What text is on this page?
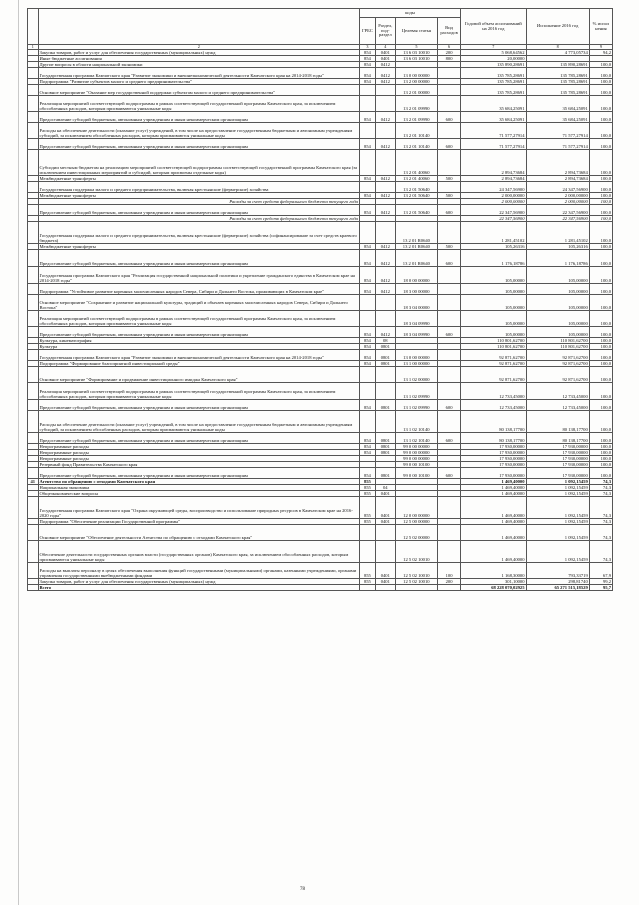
		коды				Годовой объем ассигнований на 2016 год	Исполнение 2016 год	% испол нения
		ГРБС	Раздел, под-раздел	Целевая статья	Вид расходов			
1	2	3	4	5	6	7	8	9
	Закупка товаров, работ и услуг для обеспечения государственных (муниципальных) нужд	854	0401	13 6 03 10010	200	5 068,64562	4 773,05734	94,2
	Иные бюджетные ассигнования	854	0401	13 6 03 10010	800	20,00000		
	Другие вопросы в области национальной экономики	854	0412			135 890,28691	135 890,28691	100,0
	Государственная программа Камчатского края "Развитие экономики и внешнеэкономической деятельности Камчатского края на 2014-2018 годы"	854	0412	13 0 00 00000		135 785,28691	135 785,28691	100,0
	Подпрограмма "Развитие субъектов малого и среднего предпринимательства"	854	0412	13 2 00 00000		135 785,28691	135 785,28691	100,0
	Основное мероприятие "Оказание мер государственной поддержки субъектам малого и среднего предпринимательства"			13 2 01 00000		135 785,28691	135 785,28691	100,0
	Реализация мероприятий соответствующей подпрограммы в рамках соответствующей государственной программы Камчатского края, за исключением обособленных расходов, которым присваиваются уникальные коды			13 2 01 09990		35 684,25091	35 684,25091	100,0
	Предоставление субсидий бюджетным, автономным учреждениям и иным некоммерческим организациям	854	0412	13 2 01 09990	600	35 684,25091	35 684,25091	100,0
	Расходы на обеспечение деятельности (оказание услуг) учреждений, в том числе на предоставление государственным бюджетным и автономным учреждениям субсидий, за исключением обособленных расходов, которым присваиваются уникальные коды			13 2 01 10140		71 577,27914	71 577,27914	100,0
	Предоставление субсидий бюджетным, автономным учреждениям и иным некоммерческим организациям	854	0412	13 2 01 10140	600	71 577,27914	71 577,27914	100,0
	Субсидии местным бюджетам на реализацию мероприятий соответствующей подпрограммы соответствующей государственной программы Камчатского края (за исключением инвестиционных мероприятий и субсидий, которым присвоены отдельные коды)			13 2 01 40060		2 894,73684	2 894,73684	100,0
	Межбюджетные трансферты	854	0412	13 2 01 40060	500	2 894,73684	2 894,73684	100,0
	Государственная поддержка малого и среднего предпринимательства, включая крестьянские (фермерские) хозяйства			13 2 01 50640		24 347,56900	24 347,56900	100,0
	Межбюджетные трансферты	854	0412	13 2 01 50640	500	2 000,00000	2 000,00000	100,0
	Расходы за счет средств федерального бюджета текущего года					2 000,00000	2 000,00000	100,0
	Предоставление субсидий бюджетным, автономным учреждениям и иным некоммерческим организациям	854	0412	13 2 01 50640	600	22 347,56900	22 347,56900	100,0
	Расходы за счет средств федерального бюджета текущего года					22 347,56900	22 347,56900	100,0
	Государственная поддержка малого и среднего предпринимательства, включая крестьянские (фермерские) хозяйства (софинансирование за счет средств краевого бюджета)			13 2 01 R0640		1 281,45102	1 281,45102	100,0
	Межбюджетные трансферты	854	0412	13 2 01 R0640	500	105,26316	105,26316	100,0
	Предоставление субсидий бюджетным, автономным учреждениям и иным некоммерческим организациям	854	0412	13 2 01 R0640	600	1 176,18786	1 176,18786	100,0
	Государственная программа Камчатского края "Реализация государственной национальной политики и укрепление гражданского единства в Камчатском крае на 2014-2018 годы"	854	0412	18 0 00 00000		105,00000	105,00000	100,0
	Подпрограмма "Устойчивое развитие коренных малочисленных народов Севера, Сибири и Дальнего Востока, проживающих в Камчатском крае"	854	0412	18 3 00 00000		105,00000	105,00000	100,0
	Основное мероприятие "Сохранение и развитие национальной культуры, традиций и обычаев коренных малочисленных народов Севера, Сибири и Дальнего Востока"			18 3 04 00000		105,00000	105,00000	100,0
	Реализация мероприятий соответствующей подпрограммы в рамках соответствующей государственной программы Камчатского края, за исключением обособленных расходов, которым присваиваются уникальные коды			18 3 04 09990		105,00000	105,00000	100,0
	Предоставление субсидий бюджетным, автономным учреждениям и иным некоммерческим организациям	854	0412	18 3 04 09990	600	105,00000	105,00000	100,0
	Культура, кинематография	854	08			110 801,62700	110 801,62700	100,0
	Культура	854	0801			110 801,62700	110 801,62700	100,0
	Государственная программа Камчатского края "Развитие экономики и внешнеэкономической деятельности Камчатского края на 2014-2018 годы"	854	0801	13 0 00 00000		92 871,62700	92 871,62700	100,0
	Подпрограмма "Формирование благоприятной инвестиционной среды"	854	0801	13 1 00 00000		92 871,62700	92 871,62700	100,0
	Основное мероприятие "Формирование и продвижение инвестиционного имиджа Камчатского края"			13 1 02 00000		92 871,62700	92 871,62700	100,0
	Реализация мероприятий соответствующей подпрограммы в рамках соответствующей государственной программы Камчатского края, за исключением обособленных расходов, которым присваиваются уникальные коды			13 1 02 09990		12 733,45000	12 733,45000	100,0
	Предоставление субсидий бюджетным, автономным учреждениям и иным некоммерческим организациям	854	0801	13 1 02 09990	600	12 733,45000	12 733,45000	100,0
	Расходы на обеспечение деятельности (оказание услуг) учреждений, в том числе на предоставление государственным бюджетным и автономным учреждениям субсидий, за исключением обособленных расходов, которым присваиваются уникальные коды			13 1 02 10140		80 138,17700	80 138,17700	100,0
	Предоставление субсидий бюджетным, автономным учреждениям и иным некоммерческим организациям	854	0801	13 1 02 10140	600	80 138,17700	80 138,17700	100,0
	Непрограммные расходы	854	0801	99 0 00 00000		17 930,00000	17 930,00000	100,0
	Непрограммные расходы	854	0801	99 0 00 00000		17 930,00000	17 930,00000	100,0
	Непрограммные расходы			99 0 00 00000		17 930,00000	17 930,00000	100,0
	Резервный фонд Правительства Камчатского края			99 0 00 10100		17 930,00000	17 930,00000	100,0
	Предоставление субсидий бюджетным, автономным учреждениям и иным некоммерческим организациям	854	0801	99 0 00 10100	600	17 930,00000	17 930,00000	100,0
41	Агентство по обращению с отходами Камчатского края	855				1 469,40000	1 092,15459	74,3
	Национальная экономика	855	04			1 469,40000	1 092,15459	74,3
	Общеэкономические вопросы	855	0401			1 469,40000	1 092,15459	74,3
	Государственная программа Камчатского края "Охрана окружающей среды, воспроизводство и использование природных ресурсов в Камчатском крае на 2016-2020 годы"	855	0401	12 0 00 00000		1 469,40000	1 092,15459	74,3
	Подпрограмма "Обеспечение реализации Государственной программы"	855	0401	12 5 00 00000		1 469,40000	1 092,15459	74,3
	Основное мероприятие "Обеспечение деятельности Агентства по обращению с отходами Камчатского края"			12 5 02 00000		1 469,40000	1 092,15459	74,3
	Обеспечение деятельности государственных органов власти (государственных органов) Камчатского края, за исключением обособленных расходов, которым присваиваются уникальные коды			12 5 02 10010		1 469,40000	1 092,15459	74,3
	Расходы на выплаты персоналу в целях обеспечения выполнения функций государственными (муниципальными) органами, казенными учреждениями, органами управления государственными внебюджетными фондами	855	0401	12 5 02 10010	100	1 168,30000	793,33719	67,9
	Закупка товаров, работ и услуг для обеспечения государственных (муниципальных) нужд	855	0401	12 5 02 10010	200	301,10000	298,81740	99,2
	Всего					68 228 070,02925	65 271 515,18529	95,7
78
